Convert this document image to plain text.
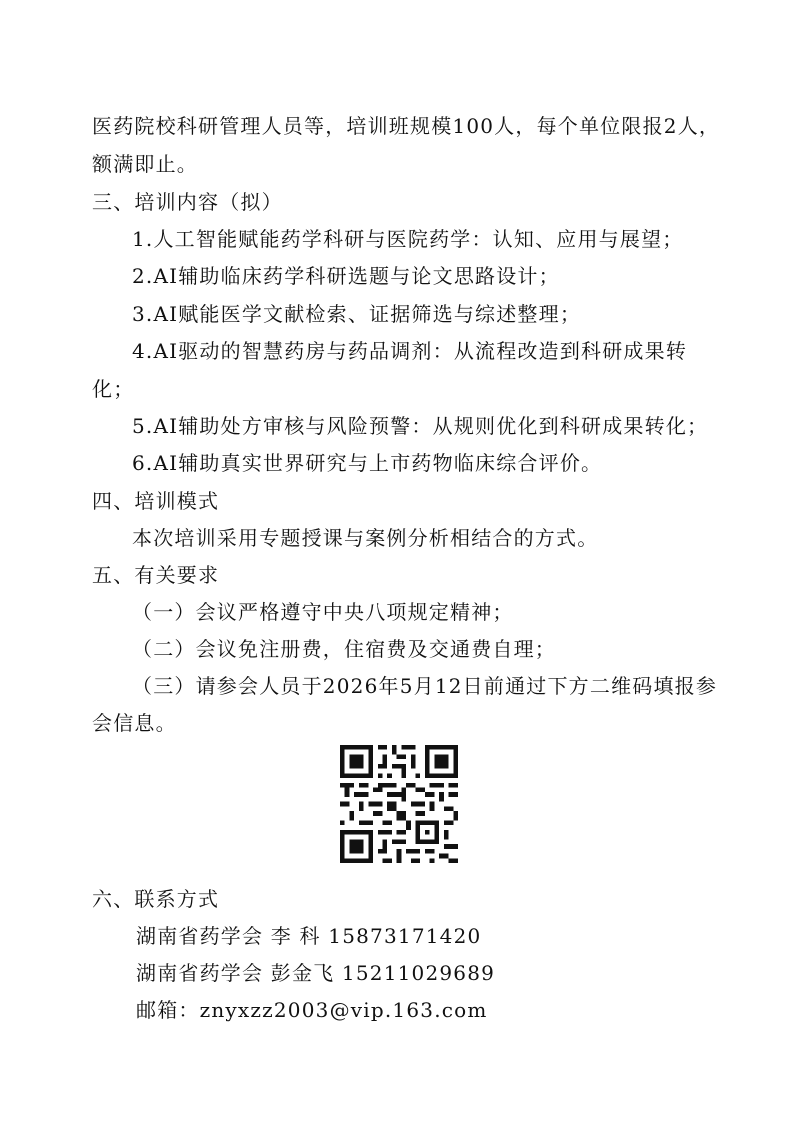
医药院校科研管理人员等，培训班规模100人，每个单位限报2人，
额满即止。
三、培训内容（拟）
1.人工智能赋能药学科研与医院药学：认知、应用与展望；
2.AI辅助临床药学科研选题与论文思路设计；
3.AI赋能医学文献检索、证据筛选与综述整理；
4.AI驱动的智慧药房与药品调剂：从流程改造到科研成果转
化；
5.AI辅助处方审核与风险预警：从规则优化到科研成果转化；
6.AI辅助真实世界研究与上市药物临床综合评价。
四、培训模式
本次培训采用专题授课与案例分析相结合的方式。
五、有关要求
（一）会议严格遵守中央八项规定精神；
（二）会议免注册费，住宿费及交通费自理；
（三）请参会人员于2026年5月12日前通过下方二维码填报参
会信息。
六、联系方式
湖南省药学会 李 科 15873171420
湖南省药学会 彭金飞 15211029689
邮箱：znyxzz2003@vip.163.com
